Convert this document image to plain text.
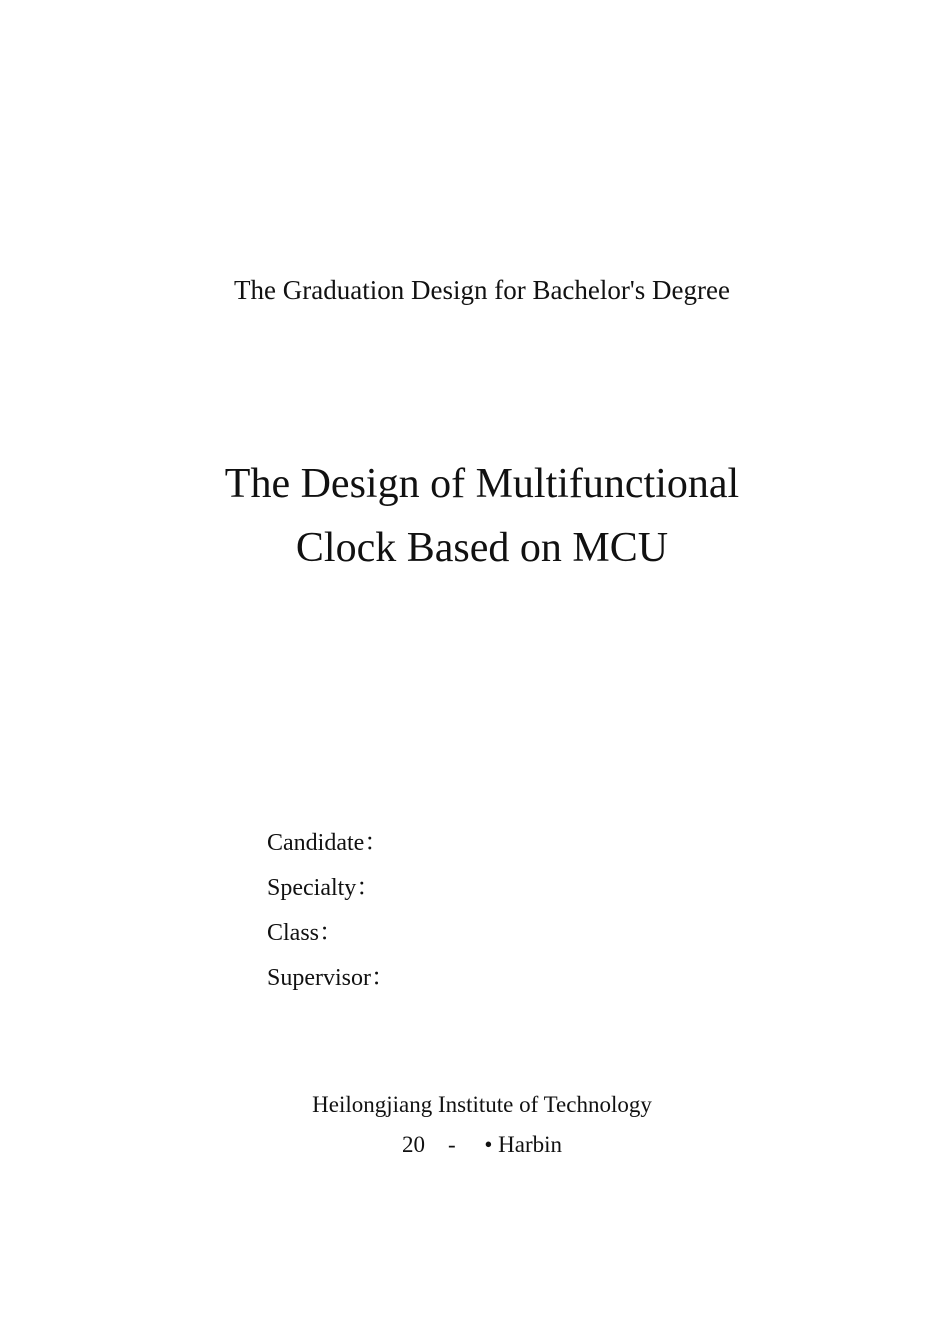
The Graduation Design for Bachelor's Degree
The Design of Multifunctional
Clock Based on MCU
Candidate：
Specialty：
Class：
Supervisor：
Heilongjiang Institute of Technology
20    -     • Harbin
